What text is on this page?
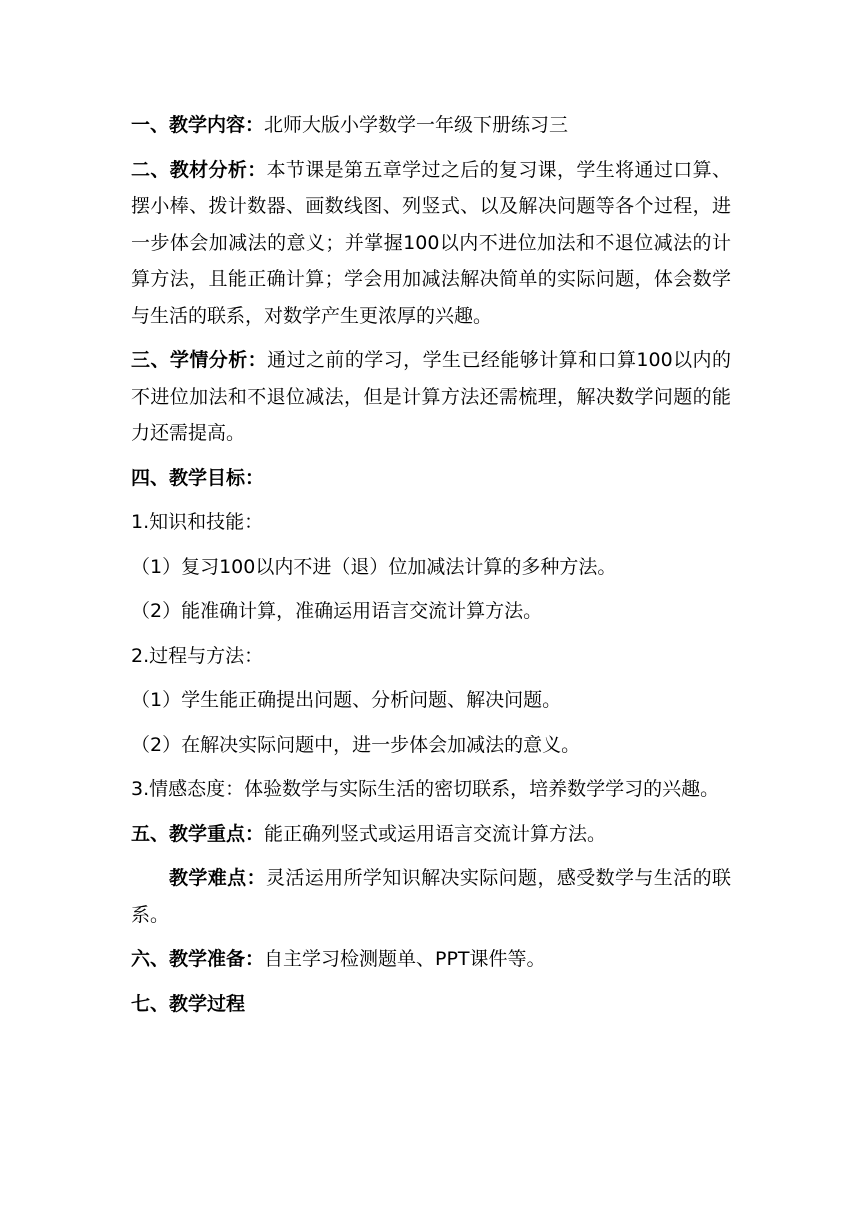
一、教学内容：北师大版小学数学一年级下册练习三

二、教材分析：本节课是第五章学过之后的复习课，学生将通过口算、摆小棒、拨计数器、画数线图、列竖式、以及解决问题等各个过程，进一步体会加减法的意义；并掌握100以内不进位加法和不退位减法的计算方法，且能正确计算；学会用加减法解决简单的实际问题，体会数学与生活的联系，对数学产生更浓厚的兴趣。

三、学情分析：通过之前的学习，学生已经能够计算和口算100以内的不进位加法和不退位减法，但是计算方法还需梳理，解决数学问题的能力还需提高。

四、教学目标：

1.知识和技能：

（1）复习100以内不进（退）位加减法计算的多种方法。

（2）能准确计算，准确运用语言交流计算方法。

2.过程与方法：

（1）学生能正确提出问题、分析问题、解决问题。

（2）在解决实际问题中，进一步体会加减法的意义。

3.情感态度：体验数学与实际生活的密切联系，培养数学学习的兴趣。

五、教学重点：能正确列竖式或运用语言交流计算方法。

教学难点：灵活运用所学知识解决实际问题，感受数学与生活的联系。

六、教学准备：自主学习检测题单、PPT课件等。

七、教学过程
